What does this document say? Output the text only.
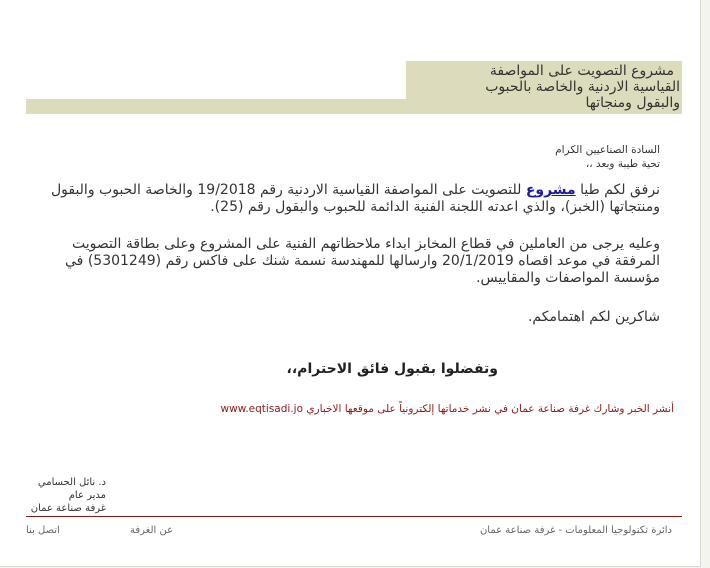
مشروع التصويت على المواصفة
القياسية الاردنية والخاصة بالحبوب
والبقول ومنجاتها
السادة الصناعيين الكرام
تحية طيبة وبعد ،،
نرفق لكم طيا مشروع للتصويت على المواصفة القياسية الاردنية رقم 19/2018 والخاصة الحبوب والبقول ومنتجاتها (الخبز)، والذي اعدته اللجنة الفنية الدائمة للحبوب والبقول رقم (25).
وعليه يرجى من العاملين في قطاع المخابز ابداء ملاحظاتهم الفنية على المشروع وعلى بطاقة التصويت المرفقة في موعد اقصاه 20/1/2019 وارسالها للمهندسة نسمة شنك على فاكس رقم (5301249) في مؤسسة المواصفات والمقاييس.
شاكرين لكم اهتمامكم.
وتفضلوا بقبول فائق الاحترام،،
أنشر الخبر وشارك غرفة صناعة عمان في نشر خدماتها إلكترونياً على موقعها الاخباري www.eqtisadi.jo
د. نائل الحسامي
مدير عام
غرفة صناعة عمان
اتصل بنا	عن الغرفة	دائرة تكنولوجيا المعلومات - غرفة صناعة عمان
